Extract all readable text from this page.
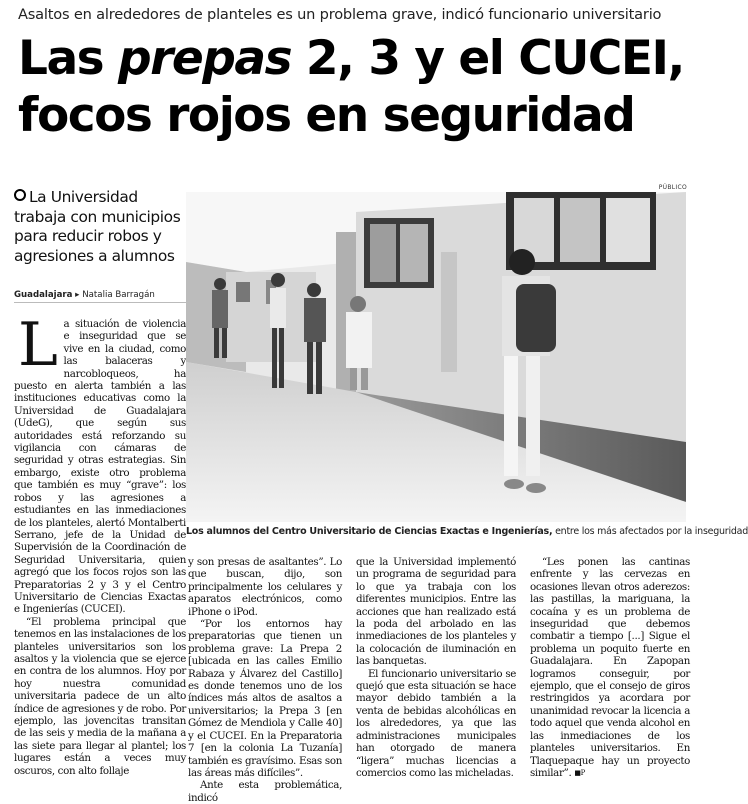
Asaltos en alrededores de planteles es un problema grave, indicó funcionario universitario
Las prepas 2, 3 y el CUCEI,
focos rojos en seguridad
La Universidad trabaja con municipios para reducir robos y agresiones a alumnos
Guadalajara ▸ Natalia Barragán
L a situación de violencia e inseguridad que se vive en la ciudad, como las balaceras y narcobloqueos, ha puesto en alerta también a las instituciones educativas como la Universidad de Guadalajara (UdeG), que según sus autoridades está reforzando su vigilancia con cámaras de seguridad y otras estrategias. Sin embargo, existe otro problema que también es muy “grave”: los robos y las agresiones a estudiantes en las inmediaciones de los planteles, alertó Montalberti Serrano, jefe de la Unidad de Supervisión de la Coordinación de Seguridad Universitaria, quien agregó que los focos rojos son las Preparatorias 2 y 3 y el Centro Universitario de Ciencias Exactas e Ingenierías (CUCEI).

“El problema principal que tenemos en las instalaciones de los planteles universitarios son los asaltos y la violencia que se ejerce en contra de los alumnos. Hoy por hoy nuestra comunidad universitaria padece de un alto índice de agresiones y de robo. Por ejemplo, las jovencitas transitan de las seis y media de la mañana a las siete para llegar al plantel; los lugares están a veces muy oscuros, con alto follaje

PÚBLICO
Los alumnos del Centro Universitario de Ciencias Exactas e Ingenierías, entre los más afectados por la inseguridad

y son presas de asaltantes”. Lo que buscan, dijo, son principalmente los celulares y aparatos electrónicos, como iPhone o iPod.

“Por los entornos hay preparatorias que tienen un problema grave: La Prepa 2 [ubicada en las calles Emilio Rabaza y Álvarez del Castillo] es donde tenemos uno de los índices más altos de asaltos a universitarios; la Prepa 3 [en Gómez de Mendiola y Calle 40] y el CUCEI. En la Preparatoria 7 [en la colonia La Tuzanía] también es gravísimo. Esas son las áreas más difíciles”.

Ante esta problemática, indicó

que la Universidad implementó un programa de seguridad para lo que ya trabaja con los diferentes municipios. Entre las acciones que han realizado está la poda del arbolado en las inmediaciones de los planteles y la colocación de iluminación en las banquetas.

El funcionario universitario se quejó que esta situación se hace mayor debido también a la venta de bebidas alcohólicas en los alrededores, ya que las administraciones municipales han otorgado de manera “ligera” muchas licencias a comercios como las micheladas.

“Les ponen las cantinas enfrente y las cervezas en ocasiones llevan otros aderezos: las pastillas, la mariguana, la cocaína y es un problema de inseguridad que debemos combatir a tiempo [...] Sigue el problema un poquito fuerte en Guadalajara. En Zapopan logramos conseguir, por ejemplo, que el consejo de giros restringidos ya acordara por unanimidad revocar la licencia a todo aquel que venda alcohol en las inmediaciones de los planteles universitarios. En Tlaquepaque hay un proyecto similar”. ■P
